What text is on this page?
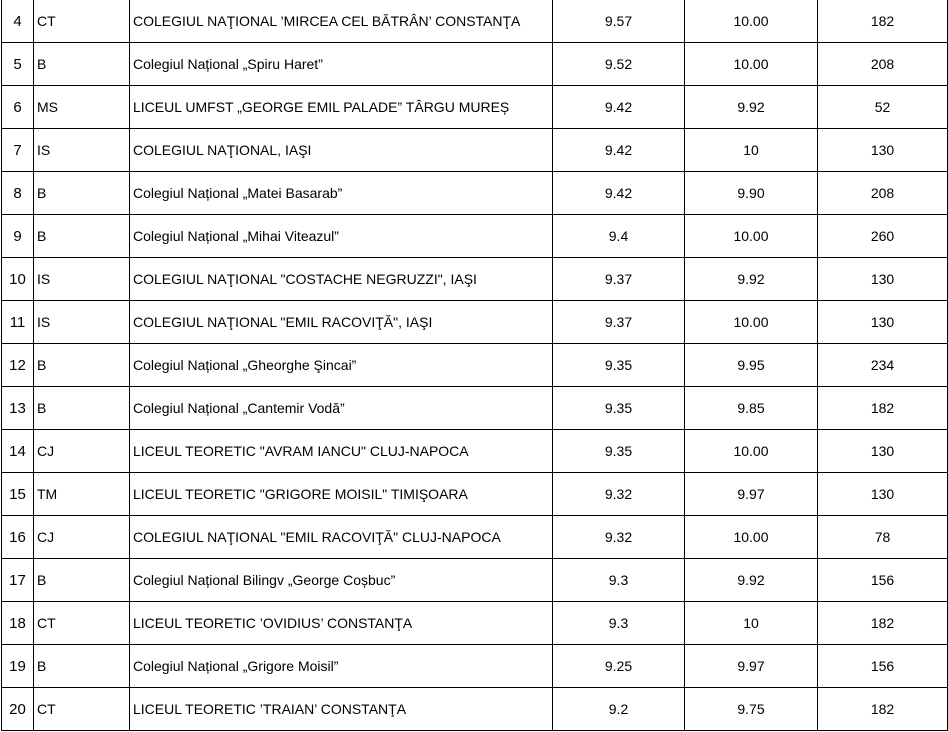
4	CT	COLEGIUL NAŢIONAL ’MIRCEA CEL BĂTRÂN’ CONSTANŢA	9.57	10.00	182
5	B	Colegiul Național „Spiru Haret”	9.52	10.00	208
6	MS	LICEUL UMFST „GEORGE EMIL PALADE” TÂRGU MUREȘ	9.42	9.92	52
7	IS	COLEGIUL NAŢIONAL, IAŞI	9.42	10	130
8	B	Colegiul Național „Matei Basarab”	9.42	9.90	208
9	B	Colegiul Național „Mihai Viteazul”	9.4	10.00	260
10	IS	COLEGIUL NAŢIONAL "COSTACHE NEGRUZZI", IAŞI	9.37	9.92	130
11	IS	COLEGIUL NAŢIONAL "EMIL RACOVIŢĂ", IAŞI	9.37	10.00	130
12	B	Colegiul Național „Gheorghe Şincai”	9.35	9.95	234
13	B	Colegiul Național „Cantemir Vodă”	9.35	9.85	182
14	CJ	LICEUL TEORETIC "AVRAM IANCU" CLUJ-NAPOCA	9.35	10.00	130
15	TM	LICEUL TEORETIC "GRIGORE MOISIL" TIMIŞOARA	9.32	9.97	130
16	CJ	COLEGIUL NAŢIONAL "EMIL RACOVIŢĂ" CLUJ-NAPOCA	9.32	10.00	78
17	B	Colegiul Național Bilingv „George Coșbuc”	9.3	9.92	156
18	CT	LICEUL TEORETIC ’OVIDIUS’ CONSTANŢA	9.3	10	182
19	B	Colegiul Național „Grigore Moisil”	9.25	9.97	156
20	CT	LICEUL TEORETIC ’TRAIAN’ CONSTANŢA	9.2	9.75	182
